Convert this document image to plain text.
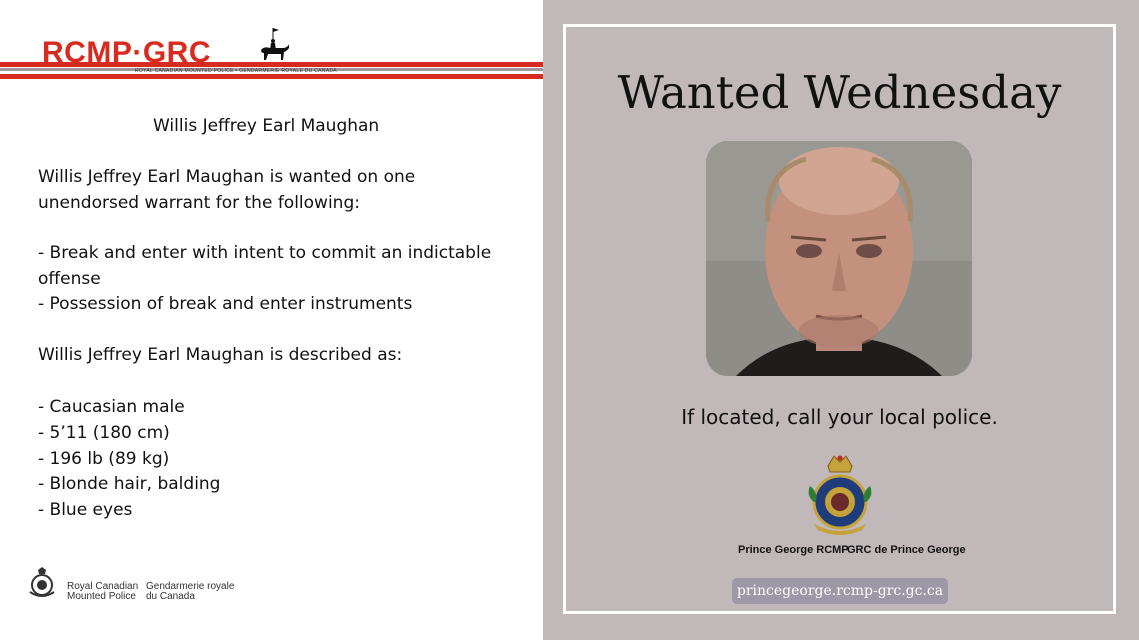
RCMP·GRC
ROYAL CANADIAN MOUNTED POLICE • GENDARMERIE ROYALE DU CANADA
Willis Jeffrey Earl Maughan
Willis Jeffrey Earl Maughan is wanted on one
unendorsed warrant for the following:
- Break and enter with intent to commit an indictable
offense
- Possession of break and enter instruments
Willis Jeffrey Earl Maughan is described as:
- Caucasian male
- 5’11 (180 cm)
- 196 lb (89 kg)
- Blonde hair, balding
- Blue eyes
Royal Canadian
Mounted Police
Gendarmerie royale
du Canada
Wanted Wednesday
If located, call your local police.
Prince George RCMP
GRC de Prince George
princegeorge.rcmp-grc.gc.ca
